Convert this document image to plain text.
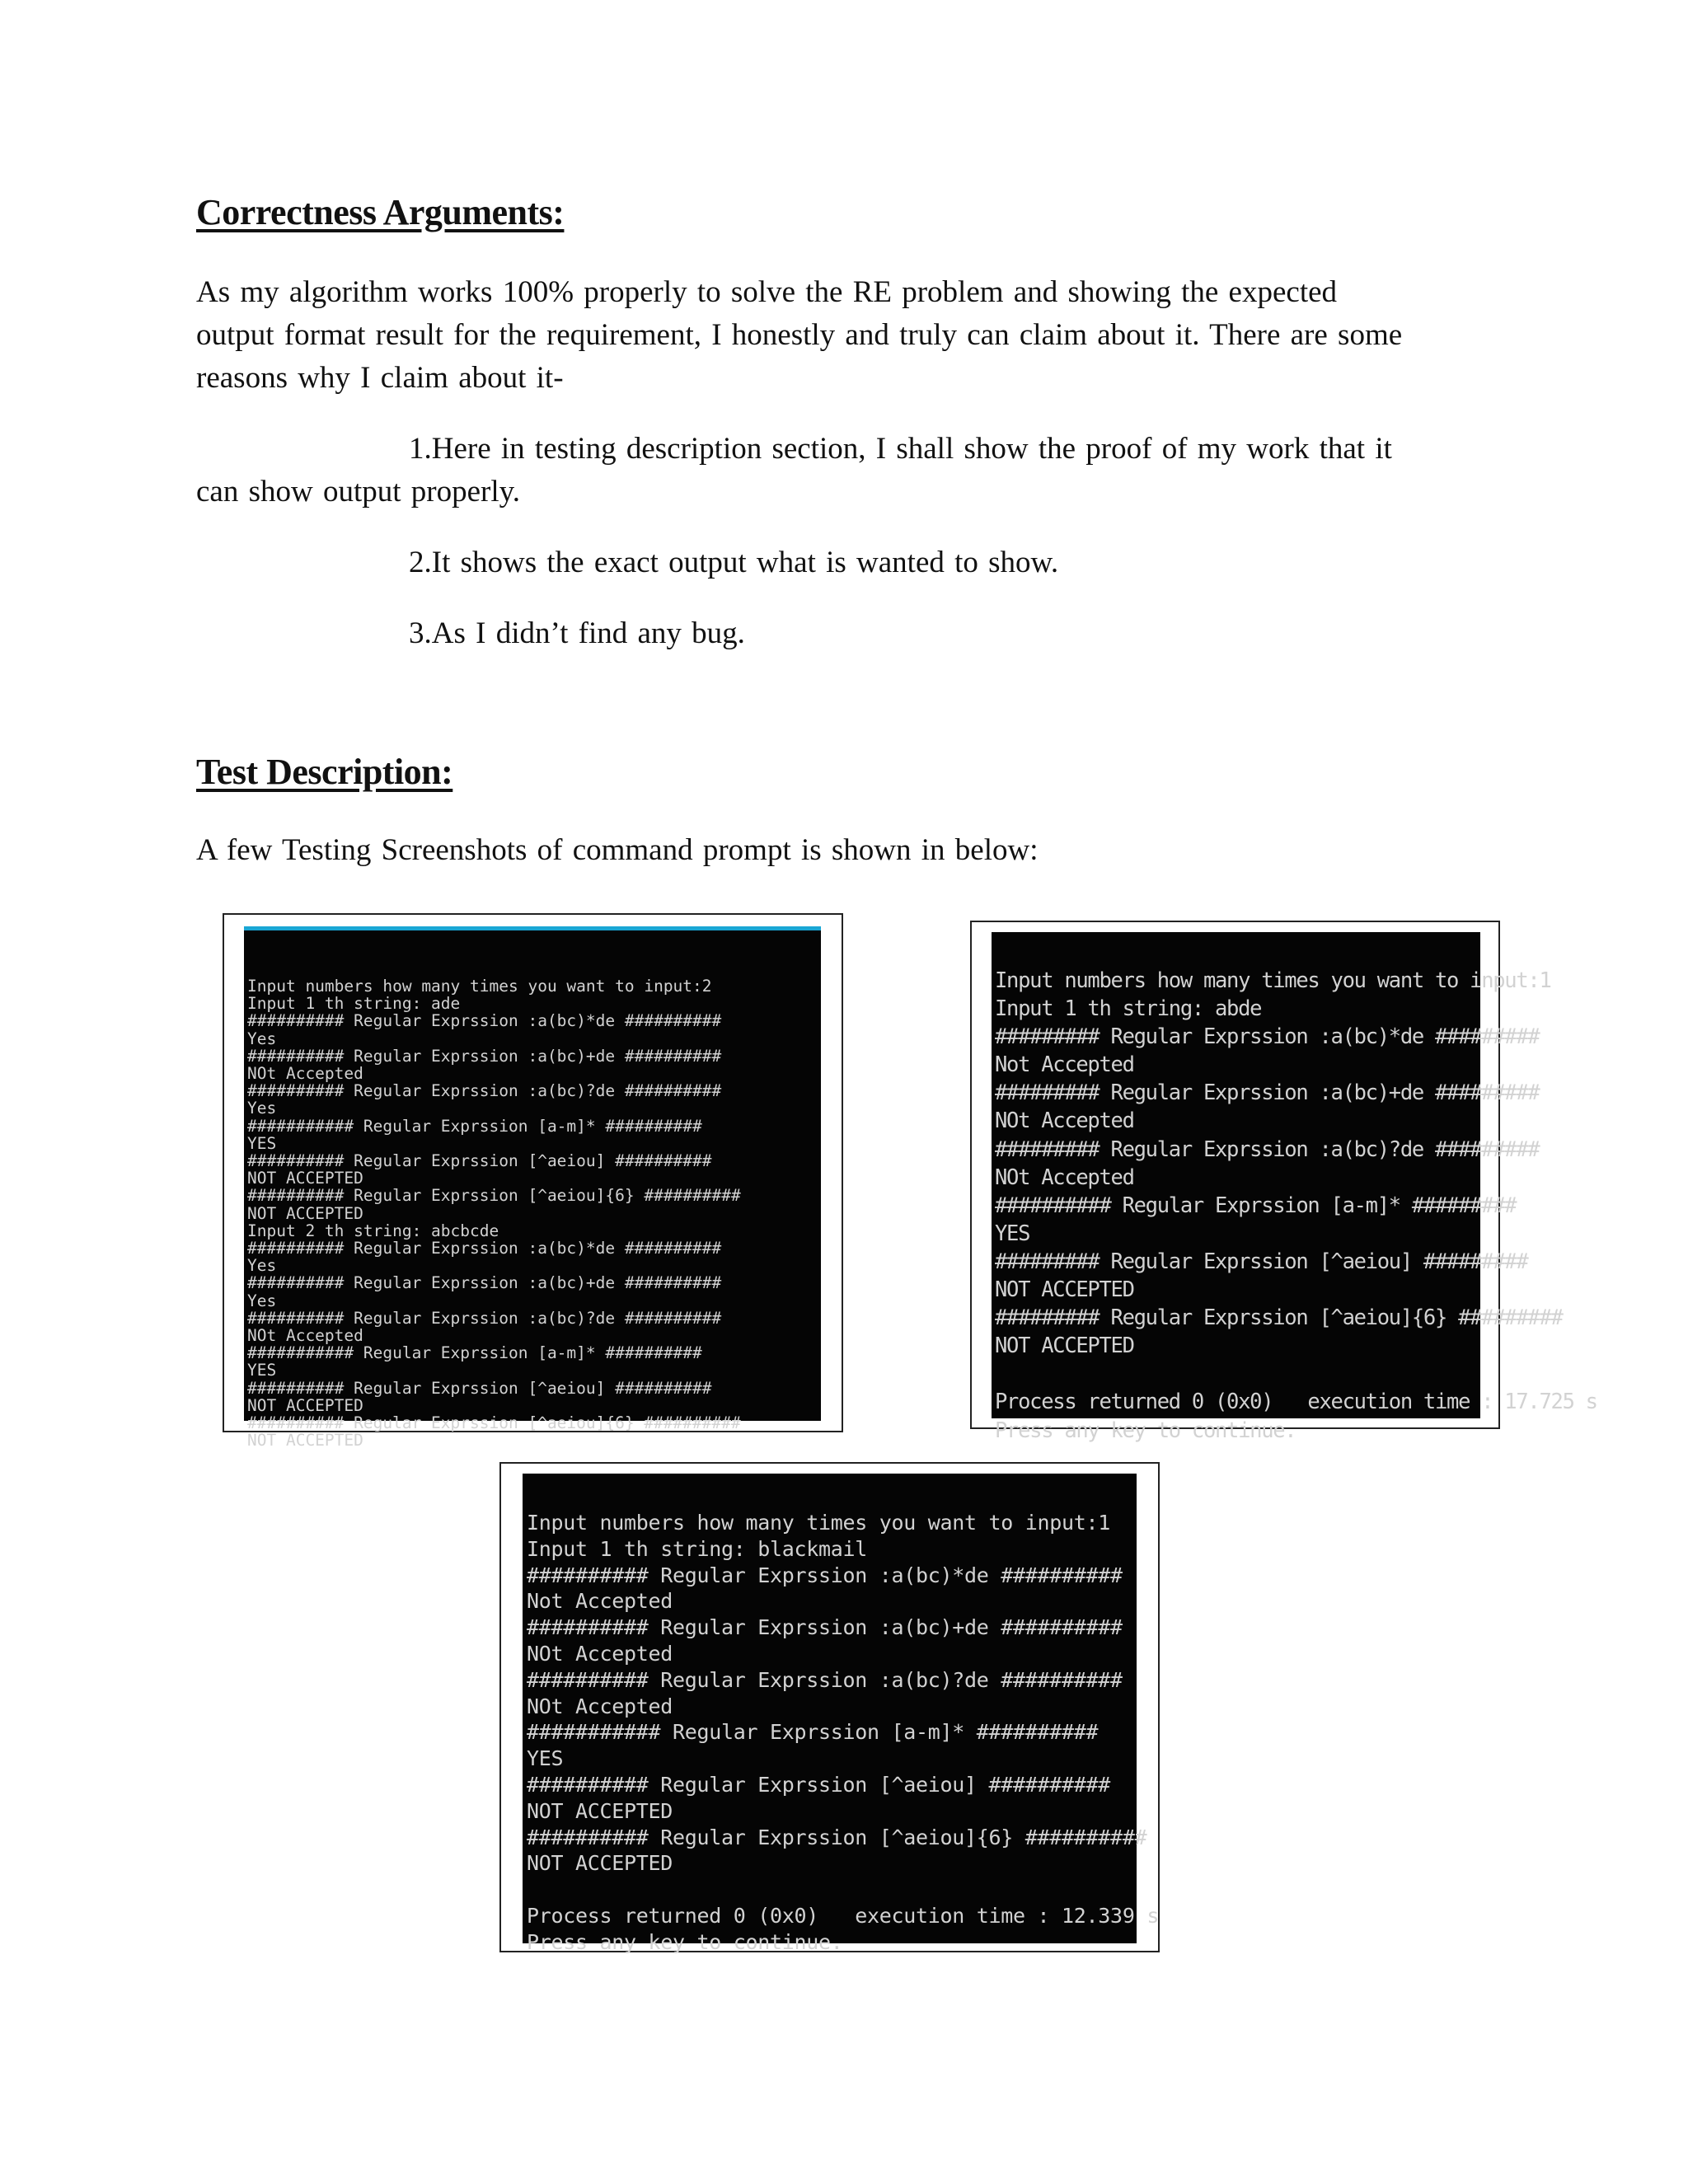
Correctness Arguments:

As my algorithm works 100% properly to solve the RE problem and showing the expected

output format result for the requirement, I honestly and truly can claim about it. There are some

reasons why I claim about it-

1.Here in testing description section, I shall show the proof of my work that it

can show output properly.

2.It shows the exact output what is wanted to show.

3.As I didn’t find any bug.

Test Description:

A few Testing Screenshots of command prompt is shown in below:

Input numbers how many times you want to input:2
Input 1 th string: ade
########## Regular Exprssion :a(bc)*de ##########
Yes
########## Regular Exprssion :a(bc)+de ##########
NOt Accepted
########## Regular Exprssion :a(bc)?de ##########
Yes
########### Regular Exprssion [a-m]* ##########
YES
########## Regular Exprssion [^aeiou] ##########
NOT ACCEPTED
########## Regular Exprssion [^aeiou]{6} ##########
NOT ACCEPTED
Input 2 th string: abcbcde
########## Regular Exprssion :a(bc)*de ##########
Yes
########## Regular Exprssion :a(bc)+de ##########
Yes
########## Regular Exprssion :a(bc)?de ##########
NOt Accepted
########### Regular Exprssion [a-m]* ##########
YES
########## Regular Exprssion [^aeiou] ##########
NOT ACCEPTED
########## Regular Exprssion [^aeiou]{6} ##########
NOT ACCEPTED

Input numbers how many times you want to input:1
Input 1 th string: abde
######### Regular Exprssion :a(bc)*de #########
Not Accepted
######### Regular Exprssion :a(bc)+de #########
NOt Accepted
######### Regular Exprssion :a(bc)?de #########
NOt Accepted
########## Regular Exprssion [a-m]* #########
YES
######### Regular Exprssion [^aeiou] #########
NOT ACCEPTED
######### Regular Exprssion [^aeiou]{6} #########
NOT ACCEPTED

Process returned 0 (0x0)   execution time : 17.725 s
Press any key to continue.

Input numbers how many times you want to input:1
Input 1 th string: blackmail
########## Regular Exprssion :a(bc)*de ##########
Not Accepted
########## Regular Exprssion :a(bc)+de ##########
NOt Accepted
########## Regular Exprssion :a(bc)?de ##########
NOt Accepted
########### Regular Exprssion [a-m]* ##########
YES
########## Regular Exprssion [^aeiou] ##########
NOT ACCEPTED
########## Regular Exprssion [^aeiou]{6} ##########
NOT ACCEPTED

Process returned 0 (0x0)   execution time : 12.339 s
Press any key to continue.
